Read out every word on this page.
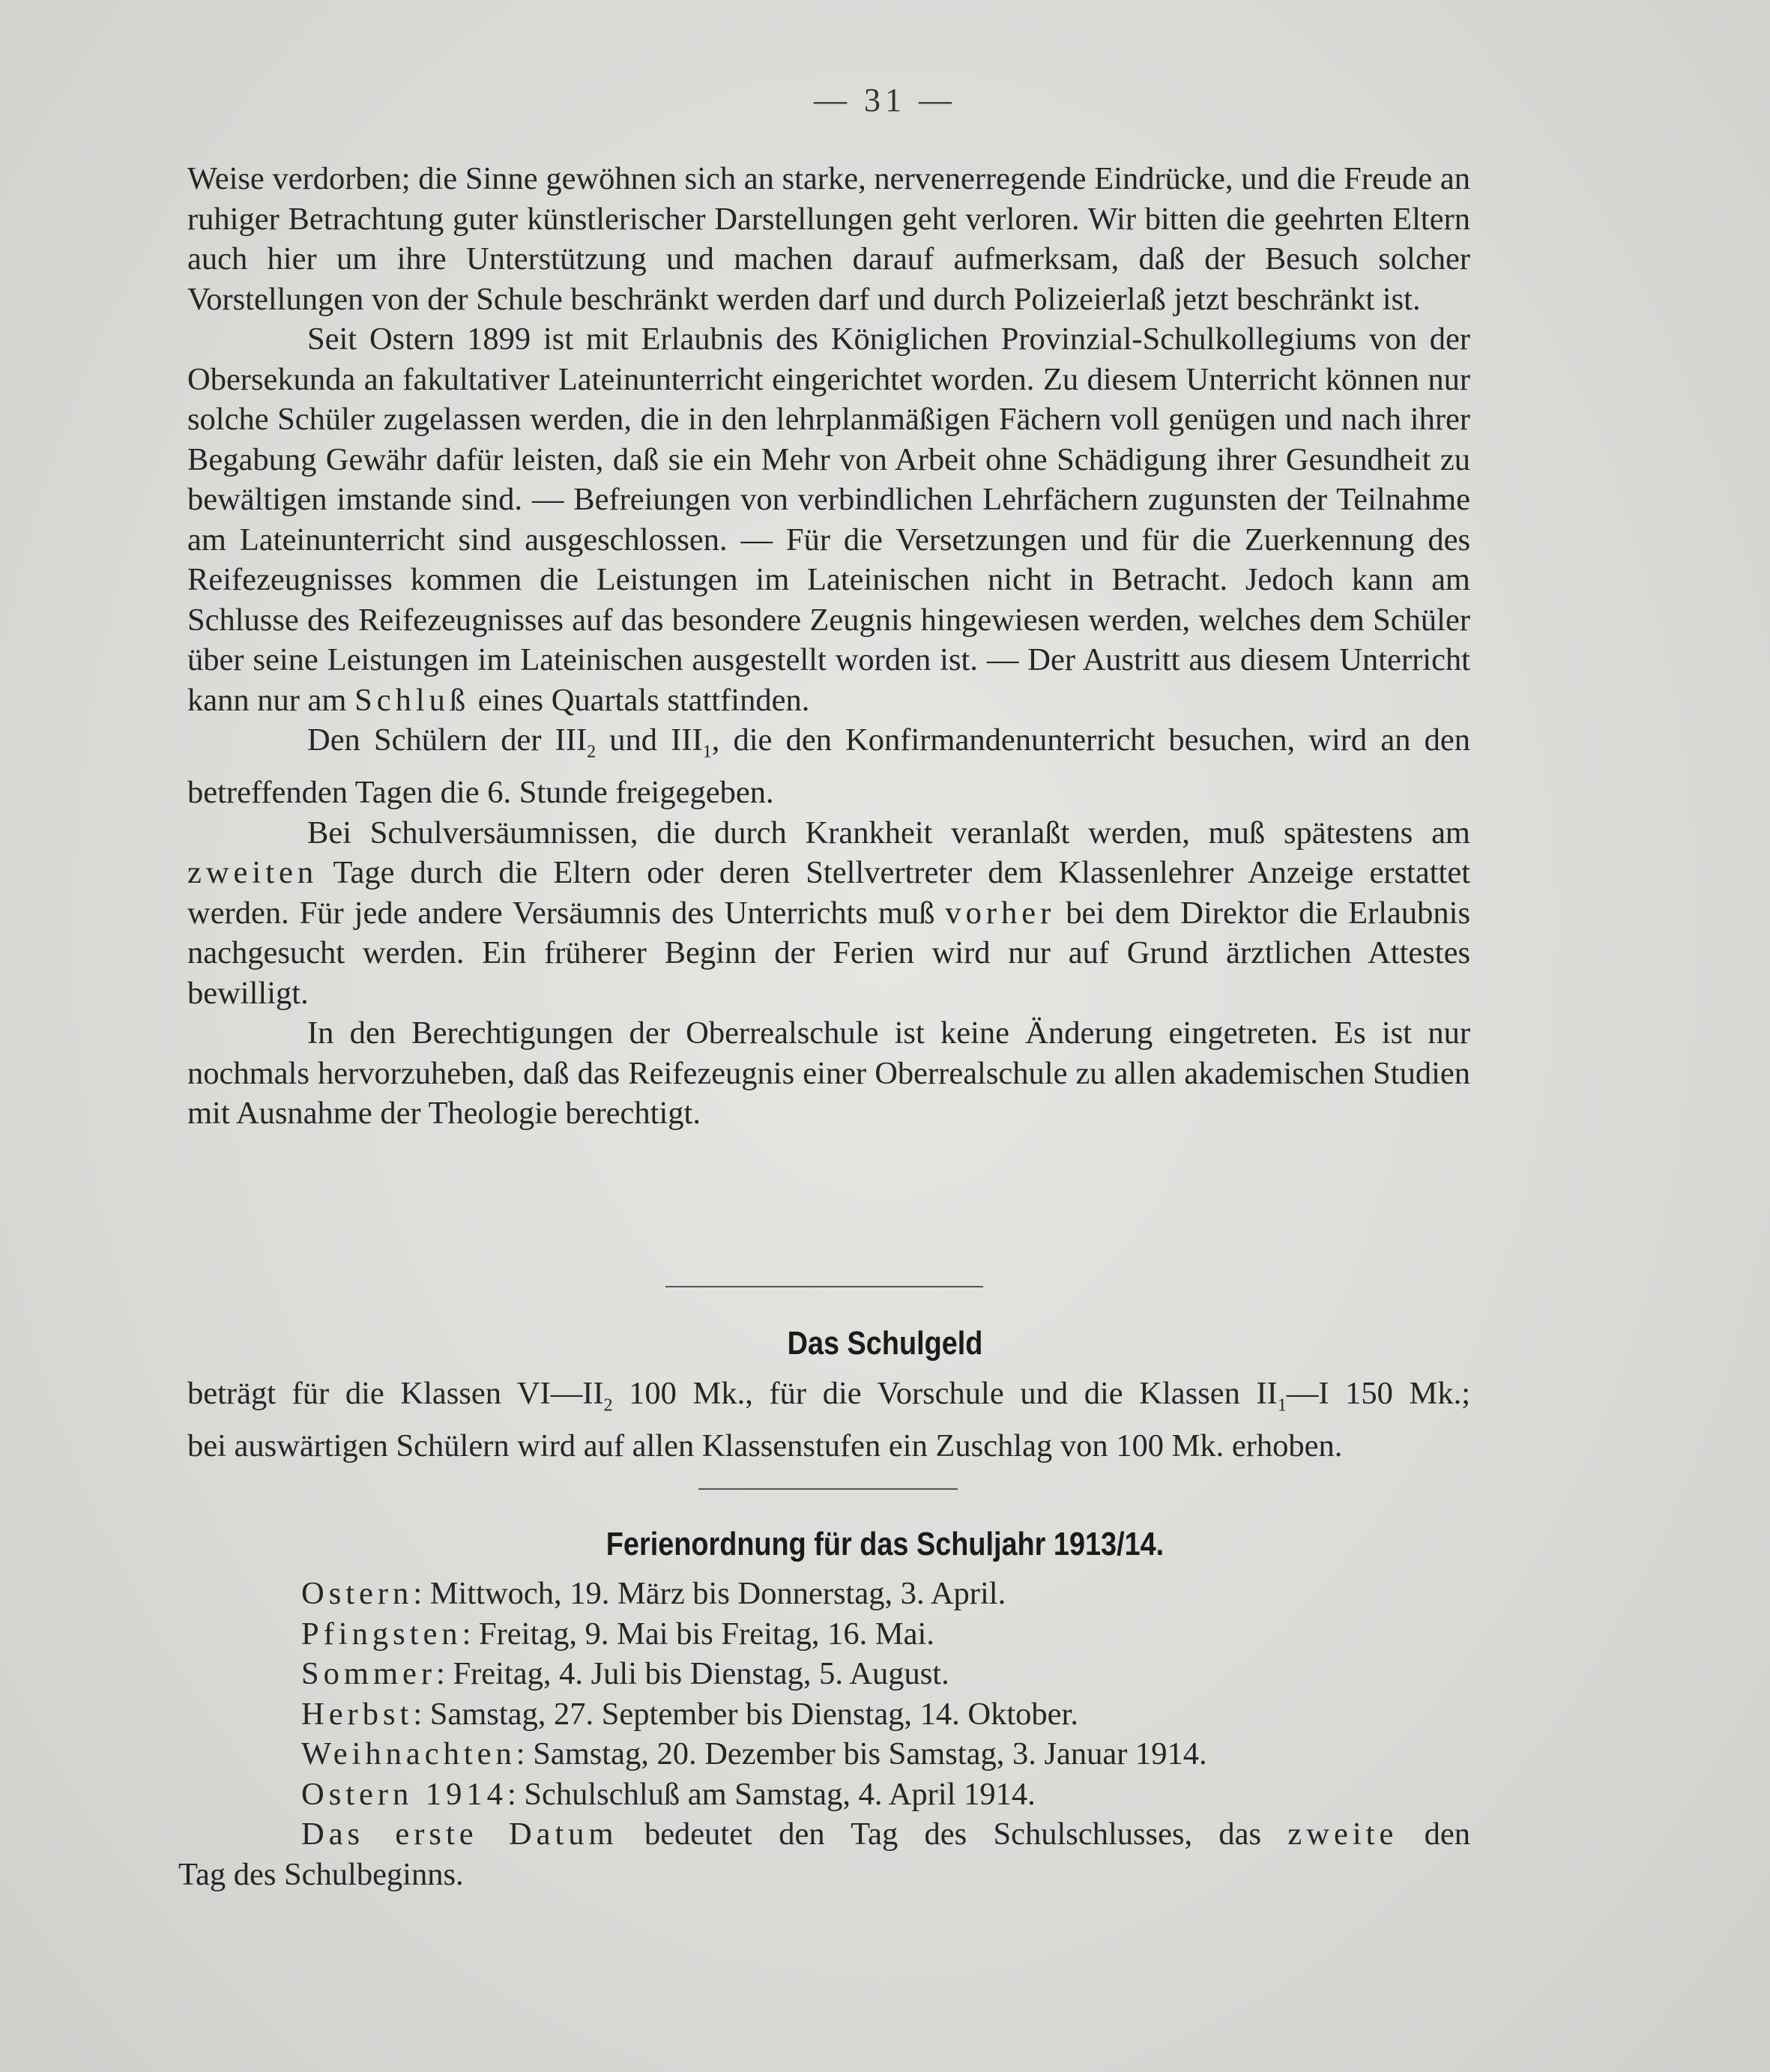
— 31 —

Weise verdorben; die Sinne gewöhnen sich an starke, nervenerregende Eindrücke, und die Freude an ruhiger Betrachtung guter künstlerischer Darstellungen geht verloren. Wir bitten die geehrten Eltern auch hier um ihre Unterstützung und machen darauf aufmerksam, daß der Besuch solcher Vorstellungen von der Schule beschränkt werden darf und durch Polizeierlaß jetzt beschränkt ist.

Seit Ostern 1899 ist mit Erlaubnis des Königlichen Provinzial-Schulkollegiums von der Obersekunda an fakultativer Lateinunterricht eingerichtet worden. Zu diesem Unterricht können nur solche Schüler zugelassen werden, die in den lehrplanmäßigen Fächern voll genügen und nach ihrer Begabung Gewähr dafür leisten, daß sie ein Mehr von Arbeit ohne Schädigung ihrer Gesundheit zu bewältigen imstande sind. — Befreiungen von verbindlichen Lehrfächern zugunsten der Teilnahme am Lateinunterricht sind ausgeschlossen. — Für die Versetzungen und für die Zuerkennung des Reifezeugnisses kommen die Leistungen im Lateinischen nicht in Betracht. Jedoch kann am Schlusse des Reifezeugnisses auf das besondere Zeugnis hingewiesen werden, welches dem Schüler über seine Leistungen im Lateinischen ausgestellt worden ist. — Der Austritt aus diesem Unterricht kann nur am Schluß eines Quartals stattfinden.

Den Schülern der $III_2$ und $III_1$, die den Konfirmandenunterricht besuchen, wird an den betreffenden Tagen die 6. Stunde freigegeben.

Bei Schulversäumnissen, die durch Krankheit veranlaßt werden, muß spätestens am zweiten Tage durch die Eltern oder deren Stellvertreter dem Klassenlehrer Anzeige erstattet werden. Für jede andere Versäumnis des Unterrichts muß vorher bei dem Direktor die Erlaubnis nachgesucht werden. Ein früherer Beginn der Ferien wird nur auf Grund ärztlichen Attestes bewilligt.

In den Berechtigungen der Oberrealschule ist keine Änderung eingetreten. Es ist nur nochmals hervorzuheben, daß das Reifezeugnis einer Oberrealschule zu allen akademischen Studien mit Ausnahme der Theologie berechtigt.

Das Schulgeld

beträgt für die Klassen $VI—II_2$ 100 Mk., für die Vorschule und die Klassen $II_1—I$ 150 Mk.;

bei auswärtigen Schülern wird auf allen Klassenstufen ein Zuschlag von 100 Mk. erhoben.

Ferienordnung für das Schuljahr 1913/14.
Ostern: Mittwoch, 19. März bis Donnerstag, 3. April.
Pfingsten: Freitag, 9. Mai bis Freitag, 16. Mai.
Sommer: Freitag, 4. Juli bis Dienstag, 5. August.
Herbst: Samstag, 27. September bis Dienstag, 14. Oktober.
Weihnachten: Samstag, 20. Dezember bis Samstag, 3. Januar 1914.
Ostern 1914: Schulschluß am Samstag, 4. April 1914.
Das erste Datum bedeutet den Tag des Schulschlusses, das zweite den
Tag des Schulbeginns.
